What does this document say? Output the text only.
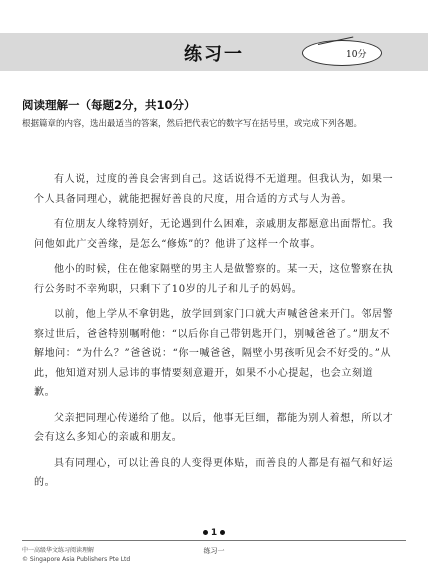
练习一	10分
阅读理解一（每题2分，共10分）
根据篇章的内容，选出最适当的答案，然后把代表它的数字写在括号里，或完成下列各题。

有人说，过度的善良会害到自己。这话说得不无道理。但我认为，如果一个人具备同理心，就能把握好善良的尺度，用合适的方式与人为善。

有位朋友人缘特别好，无论遇到什么困难，亲戚朋友都愿意出面帮忙。我问他如此广交善缘，是怎么“修炼”的？他讲了这样一个故事。

他小的时候，住在他家隔壁的男主人是做警察的。某一天，这位警察在执行公务时不幸殉职，只剩下了10岁的儿子和儿子的妈妈。

以前，他上学从不拿钥匙，放学回到家门口就大声喊爸爸来开门。邻居警察过世后，爸爸特别嘱咐他：“以后你自己带钥匙开门，别喊爸爸了。”朋友不解地问：“为什么？”爸爸说：“你一喊爸爸，隔壁小男孩听见会不好受的。”从此，他知道对别人忌讳的事情要刻意避开，如果不小心提起，也会立刻道歉。

父亲把同理心传递给了他。以后，他事无巨细，都能为别人着想，所以才会有这么多知心的亲戚和朋友。

具有同理心，可以让善良的人变得更体贴，而善良的人都是有福气和好运的。

1
中一高级华文练习阅读理解
© Singapore Asia Publishers Pte Ltd
练习一
